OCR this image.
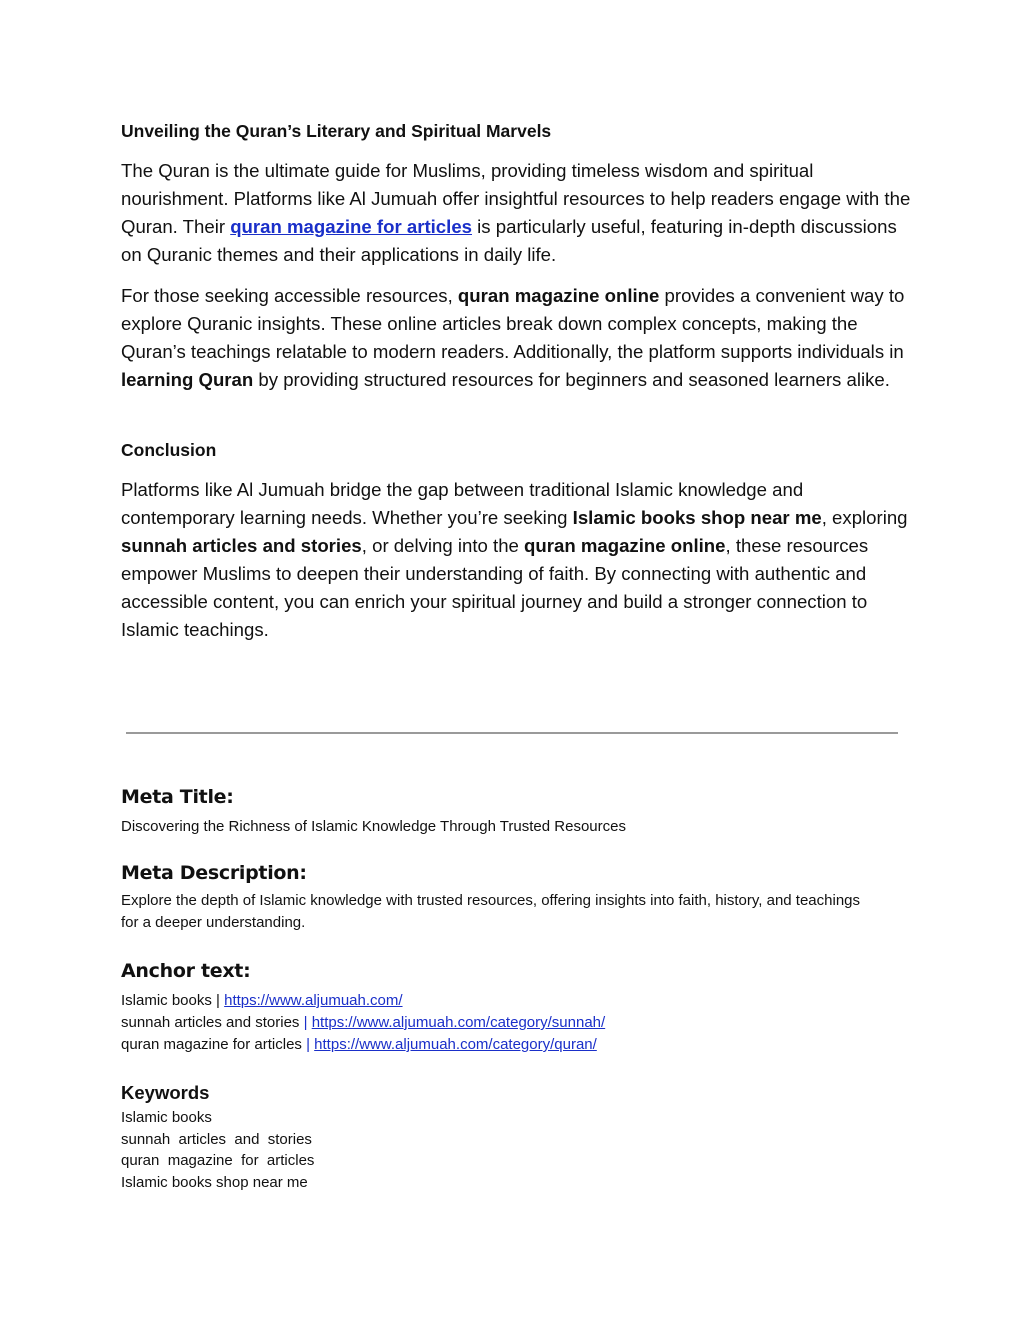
Unveiling the Quran’s Literary and Spiritual Marvels

The Quran is the ultimate guide for Muslims, providing timeless wisdom and spiritual nourishment. Platforms like Al Jumuah offer insightful resources to help readers engage with the Quran. Their quran magazine for articles is particularly useful, featuring in-depth discussions on Quranic themes and their applications in daily life.

For those seeking accessible resources, quran magazine online provides a convenient way to explore Quranic insights. These online articles break down complex concepts, making the Quran’s teachings relatable to modern readers. Additionally, the platform supports individuals in learning Quran by providing structured resources for beginners and seasoned learners alike.

Conclusion

Platforms like Al Jumuah bridge the gap between traditional Islamic knowledge and contemporary learning needs. Whether you’re seeking Islamic books shop near me, exploring sunnah articles and stories, or delving into the quran magazine online, these resources empower Muslims to deepen their understanding of faith. By connecting with authentic and accessible content, you can enrich your spiritual journey and build a stronger connection to Islamic teachings.

Meta Title:

Discovering the Richness of Islamic Knowledge Through Trusted Resources

Meta Description:

Explore the depth of Islamic knowledge with trusted resources, offering insights into faith, history, and teachings for a deeper understanding.

Anchor text:
Islamic books | https://www.aljumuah.com/
sunnah articles and stories | https://www.aljumuah.com/category/sunnah/
quran magazine for articles | https://www.aljumuah.com/category/quran/
Keywords
Islamic books
sunnah  articles  and  stories
quran  magazine  for  articles
Islamic books shop near me
